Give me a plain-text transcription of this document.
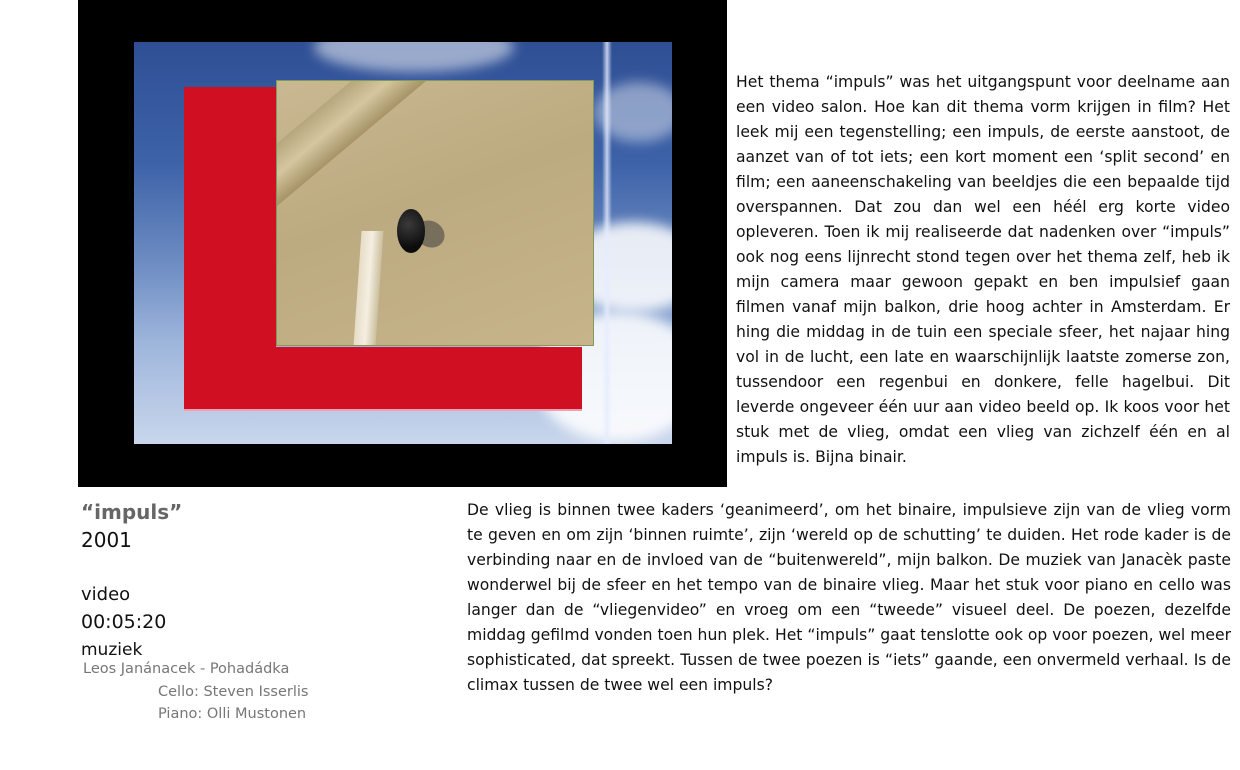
“impuls”
2001
video
00:05:20
muziek
Leos Janánacek - Pohadádka
Cello: Steven Isserlis
Piano: Olli Mustonen

Het thema “impuls” was het uitgangspunt voor deelname aan een video salon. Hoe kan dit thema vorm krijgen in film? Het leek mij een tegenstelling; een impuls, de eerste aanstoot, de aanzet van of tot iets; een kort moment een ‘split second’ en film; een aaneenschakeling van beeldjes die een bepaalde tijd overspannen. Dat zou dan wel een héél erg korte video opleveren. Toen ik mij realiseerde dat nadenken over “impuls” ook nog eens lijnrecht stond tegen over het thema zelf, heb ik mijn camera maar gewoon gepakt en ben impulsief gaan filmen vanaf mijn balkon, drie hoog achter in Amsterdam. Er hing die middag in de tuin een speciale sfeer, het najaar hing vol in de lucht, een late en waarschijnlijk laatste zomerse zon, tussendoor een regenbui en donkere, felle hagelbui. Dit leverde ongeveer één uur aan video beeld op. Ik koos voor het stuk met de vlieg, omdat een vlieg van zichzelf één en al impuls is. Bijna binair.

De vlieg is binnen twee kaders ‘geanimeerd’, om het binaire, impulsieve zijn van de vlieg vorm te geven en om zijn ‘binnen ruimte’, zijn ‘wereld op de schutting’ te duiden. Het rode kader is de verbinding naar en de invloed van de “buitenwereld”, mijn balkon. De muziek van Janacèk paste wonderwel bij de sfeer en het tempo van de binaire vlieg. Maar het stuk voor piano en cello was langer dan de “vliegenvideo” en vroeg om een “tweede” visueel deel. De poezen, dezelfde middag gefilmd vonden toen hun plek. Het “impuls” gaat tenslotte ook op voor poezen, wel meer sophisticated, dat spreekt. Tussen de twee poezen is “iets” gaande, een onvermeld verhaal. Is de climax tussen de twee wel een impuls?
